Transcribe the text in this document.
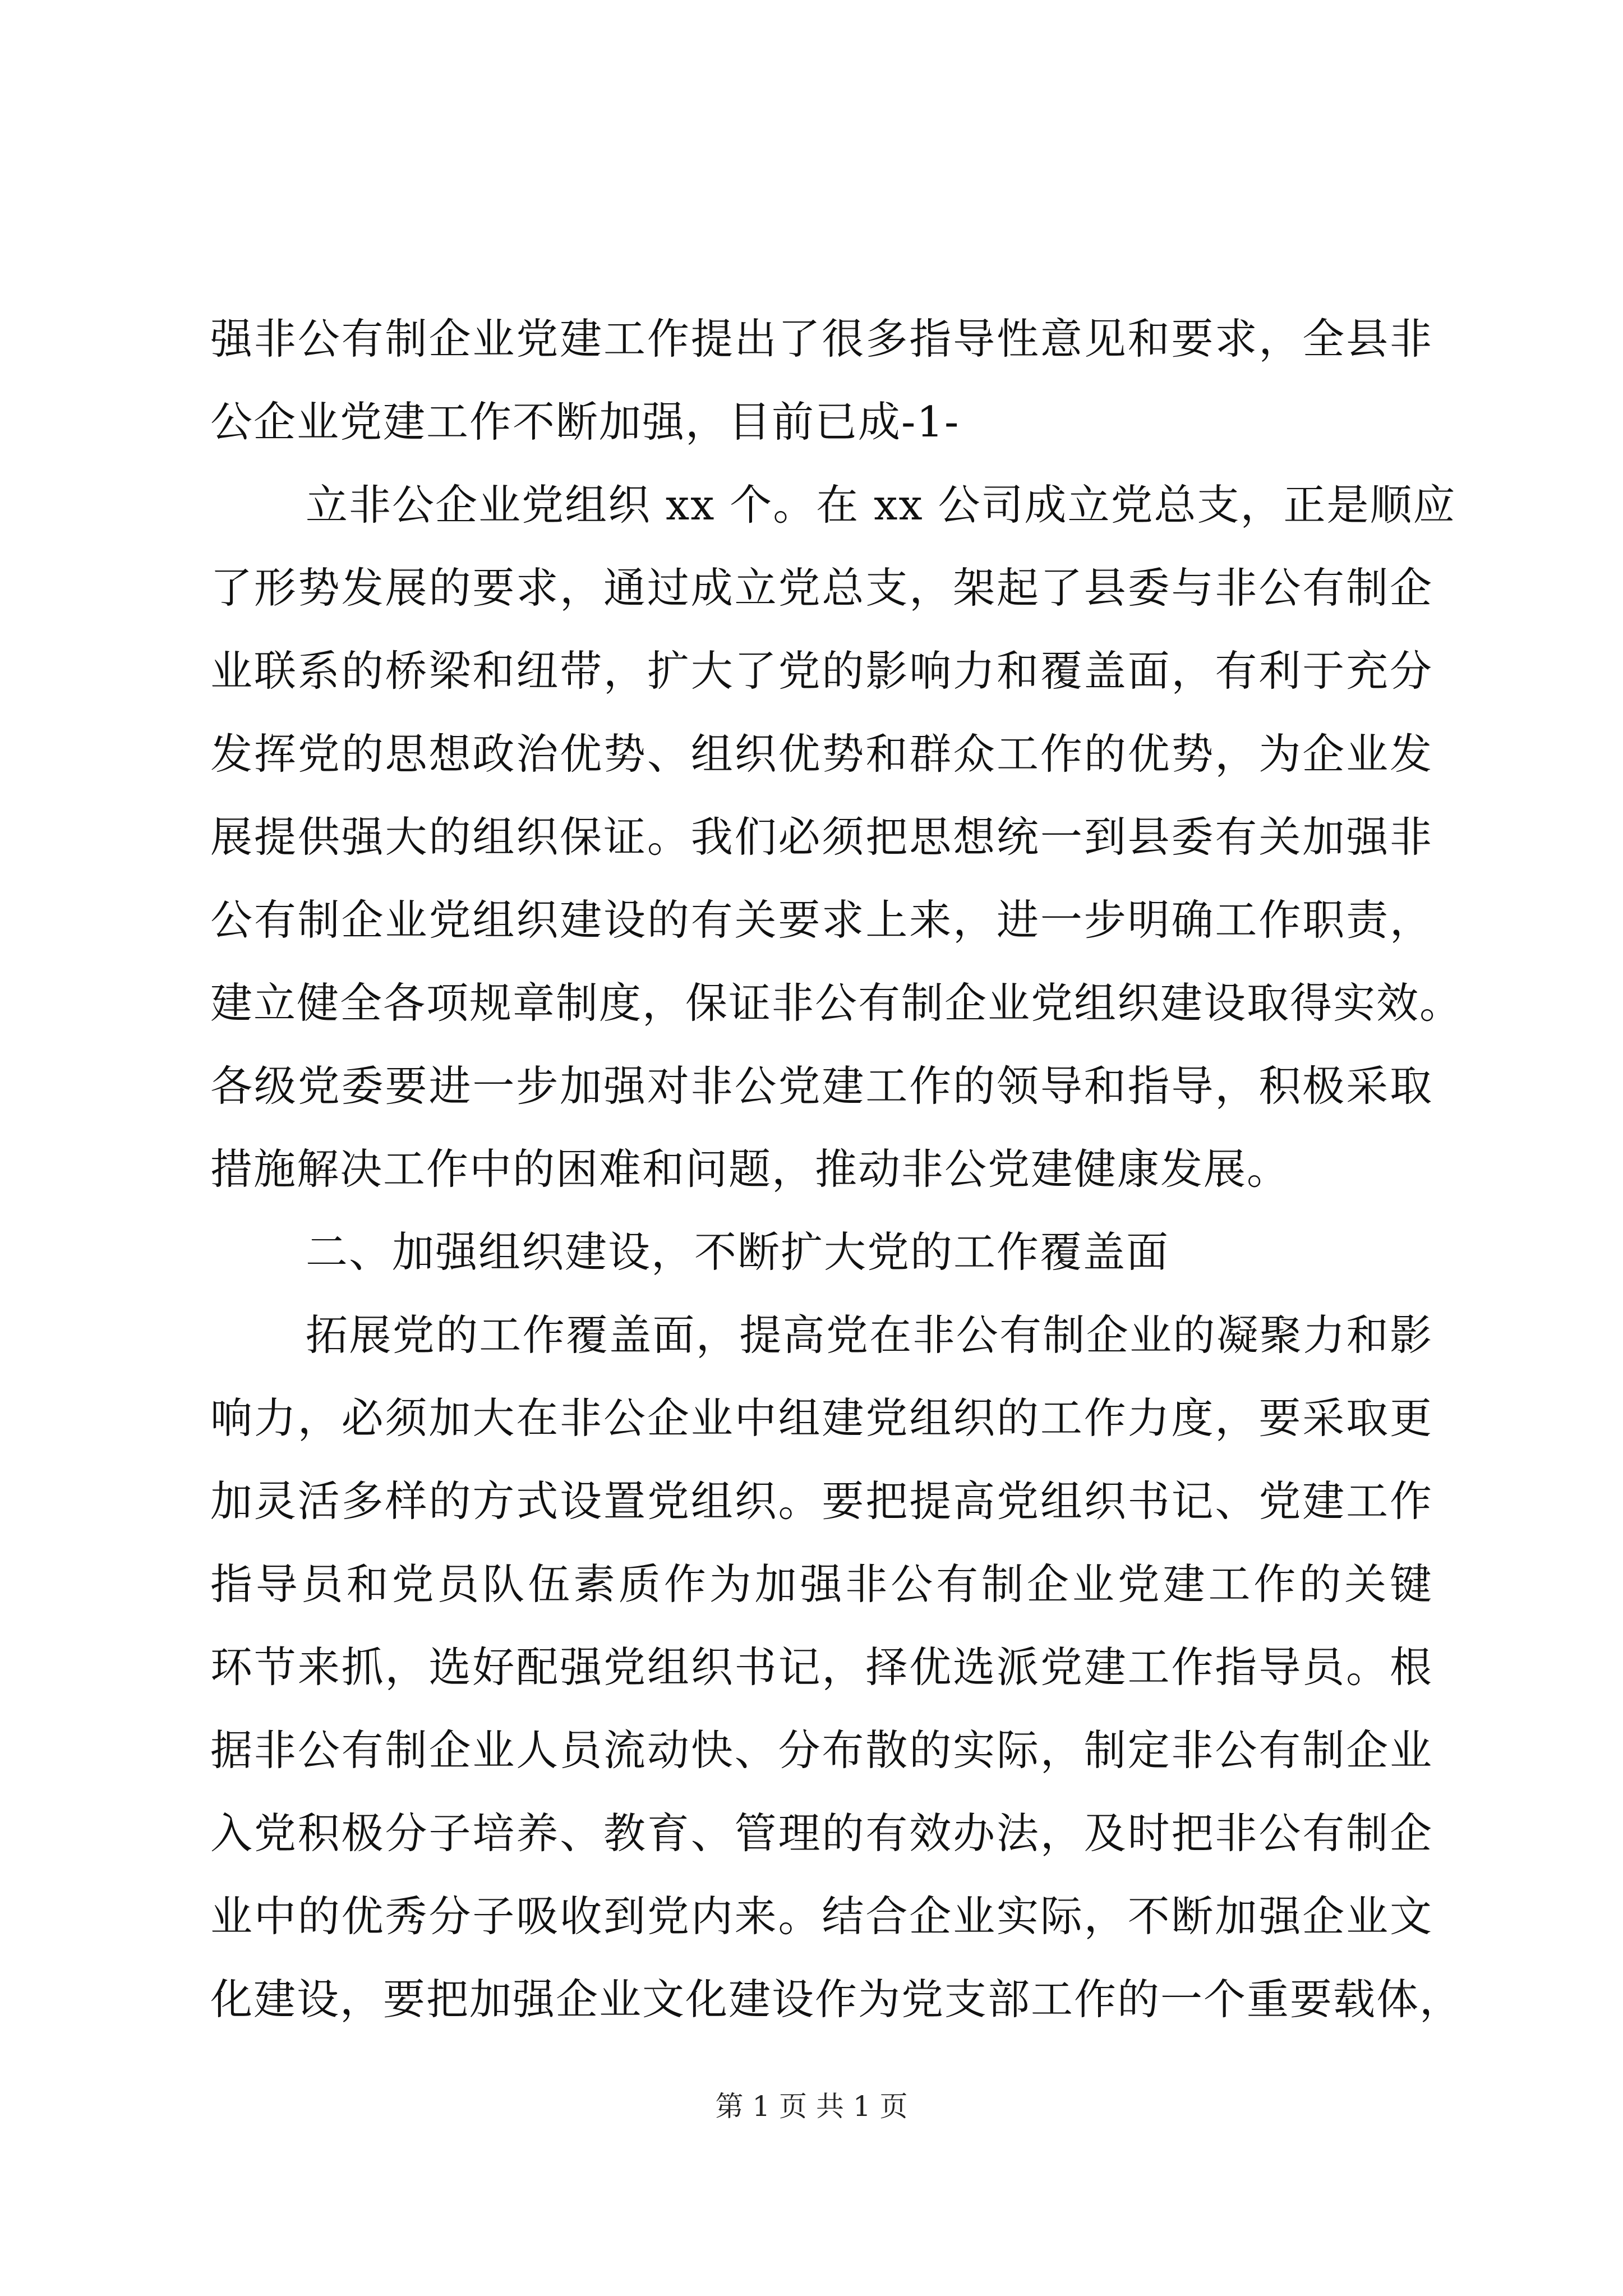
强非公有制企业党建工作提出了很多指导性意见和要求，全县非
公企业党建工作不断加强，目前已成-1-
立非公企业党组织 xx 个。在 xx 公司成立党总支，正是顺应
了形势发展的要求，通过成立党总支，架起了县委与非公有制企
业联系的桥梁和纽带，扩大了党的影响力和覆盖面，有利于充分
发挥党的思想政治优势、组织优势和群众工作的优势，为企业发
展提供强大的组织保证。我们必须把思想统一到县委有关加强非
公有制企业党组织建设的有关要求上来，进一步明确工作职责，
建立健全各项规章制度，保证非公有制企业党组织建设取得实效。
各级党委要进一步加强对非公党建工作的领导和指导，积极采取
措施解决工作中的困难和问题，推动非公党建健康发展。
二、加强组织建设，不断扩大党的工作覆盖面
拓展党的工作覆盖面，提高党在非公有制企业的凝聚力和影
响力，必须加大在非公企业中组建党组织的工作力度，要采取更
加灵活多样的方式设置党组织。要把提高党组织书记、党建工作
指导员和党员队伍素质作为加强非公有制企业党建工作的关键
环节来抓，选好配强党组织书记，择优选派党建工作指导员。根
据非公有制企业人员流动快、分布散的实际，制定非公有制企业
入党积极分子培养、教育、管理的有效办法，及时把非公有制企
业中的优秀分子吸收到党内来。结合企业实际，不断加强企业文
化建设，要把加强企业文化建设作为党支部工作的一个重要载体，
第 1 页 共 1 页
